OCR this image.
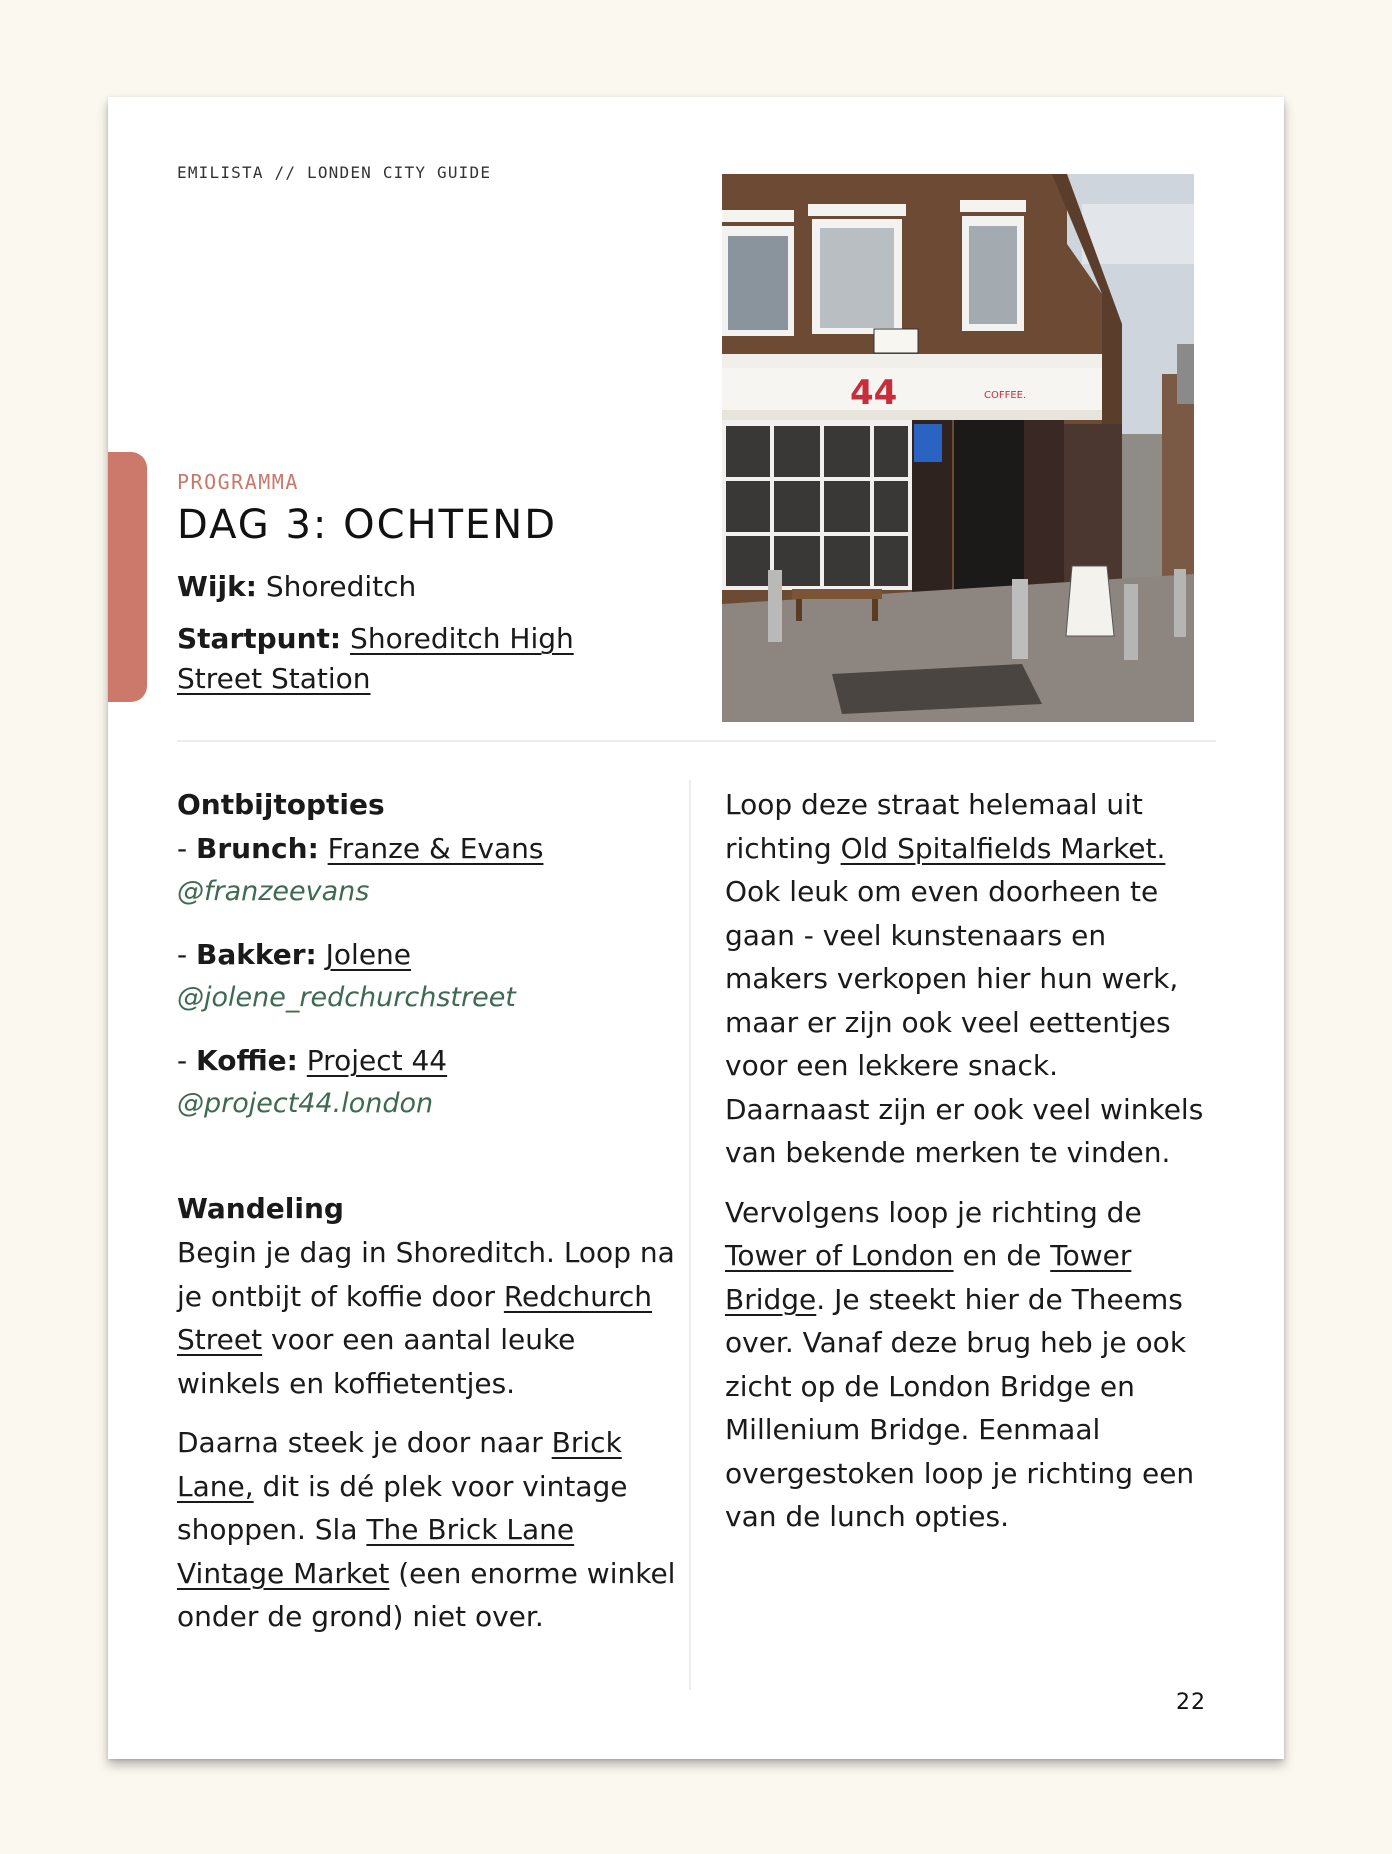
EMILISTA // LONDEN CITY GUIDE
PROGRAMMA
DAG 3: OCHTEND
Wijk: Shoreditch
Startpunt: Shoreditch High Street Station
44	COFFEE.
Ontbijtopties
- Brunch: Franze & Evans
@franzeevans
- Bakker: Jolene
@jolene_redchurchstreet
- Koffie: Project 44
@project44.london
Wandeling

Begin je dag in Shoreditch. Loop na je ontbijt of koffie door Redchurch Street voor een aantal leuke winkels en koffietentjes.

Daarna steek je door naar Brick Lane, dit is dé plek voor vintage shoppen. Sla The Brick Lane Vintage Market (een enorme winkel onder de grond) niet over.

Loop deze straat helemaal uit richting Old Spitalfields Market. Ook leuk om even doorheen te gaan - veel kunstenaars en makers verkopen hier hun werk, maar er zijn ook veel eettentjes voor een lekkere snack. Daarnaast zijn er ook veel winkels van bekende merken te vinden.

Vervolgens loop je richting de Tower of London en de Tower Bridge. Je steekt hier de Theems over. Vanaf deze brug heb je ook zicht op de London Bridge en Millenium Bridge. Eenmaal overgestoken loop je richting een van de lunch opties.

22
